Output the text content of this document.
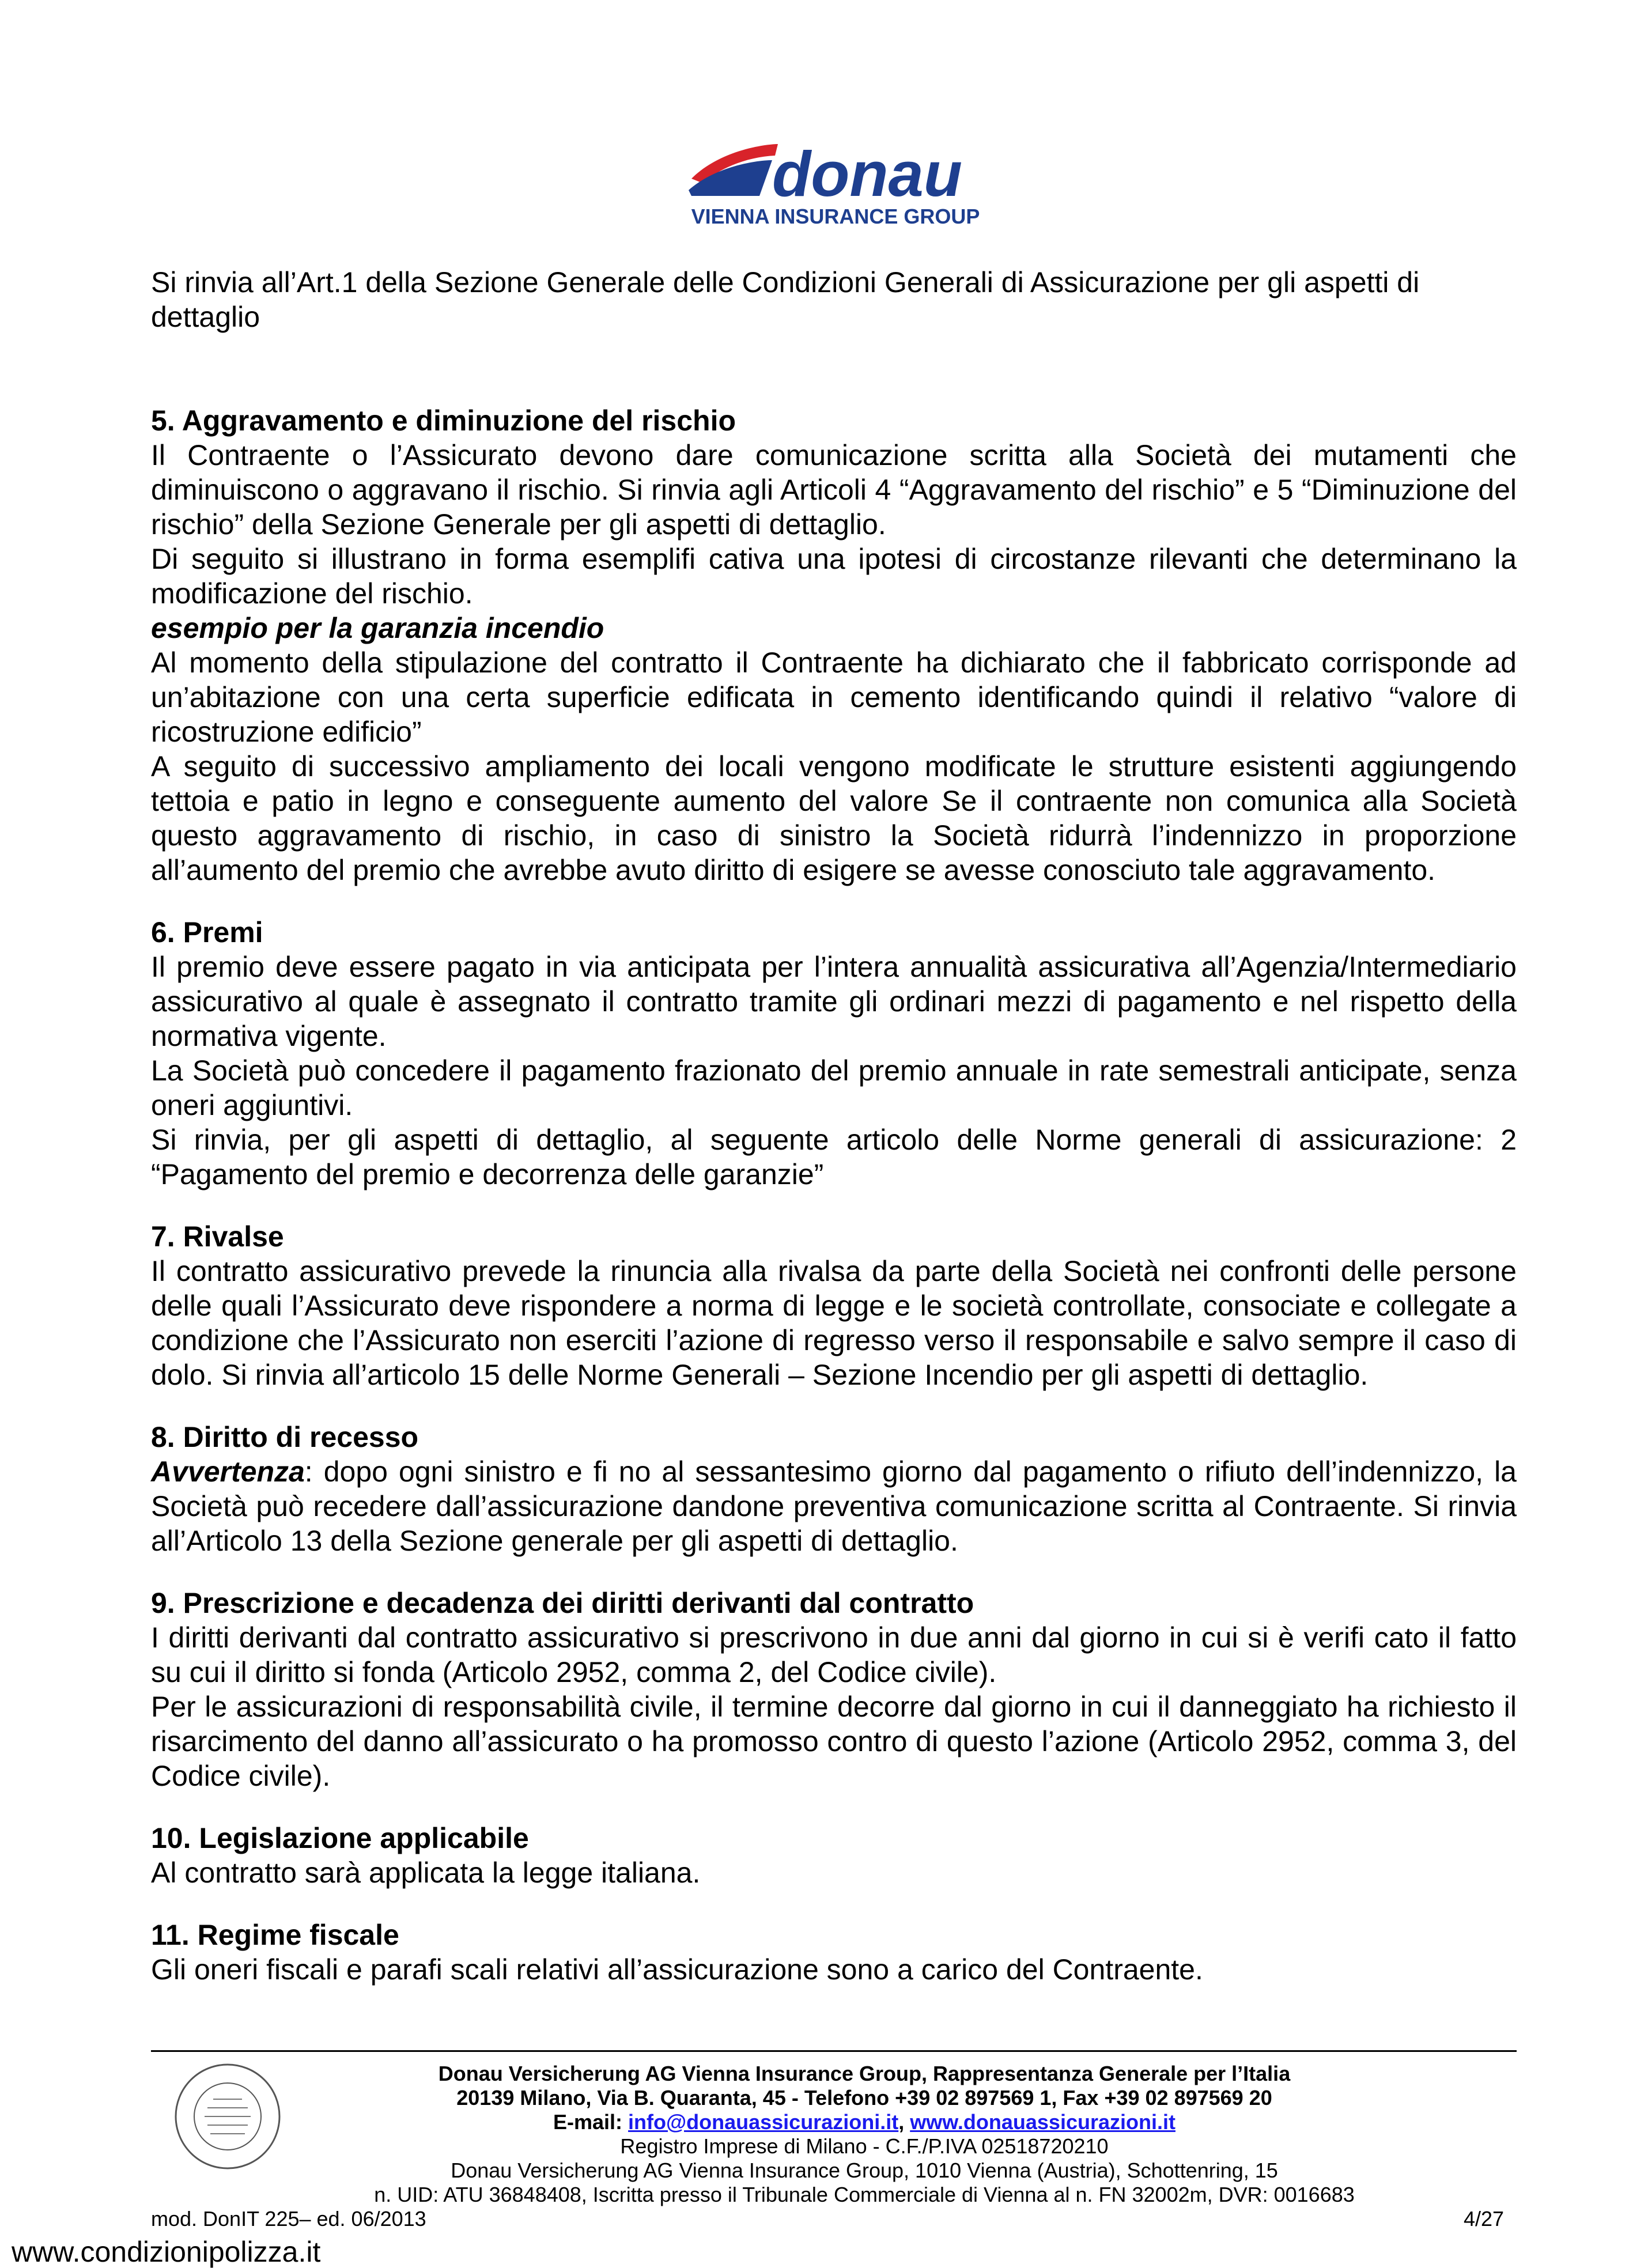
donau
VIENNA INSURANCE GROUP

Si rinvia all’Art.1 della Sezione Generale delle Condizioni Generali di Assicurazione per gli aspetti di dettaglio

5. Aggravamento e diminuzione del rischio

Il Contraente o l’Assicurato devono dare comunicazione scritta alla Società dei mutamenti che diminuiscono o aggravano il rischio. Si rinvia agli Articoli 4 “Aggravamento del rischio” e 5 “Diminuzione del rischio” della Sezione Generale per gli aspetti di dettaglio.

Di seguito si illustrano in forma esemplifi cativa una ipotesi di circostanze rilevanti che determinano la modificazione del rischio.

esempio per la garanzia incendio

Al momento della stipulazione del contratto il Contraente ha dichiarato che il fabbricato corrisponde ad un’abitazione con una certa superficie edificata in cemento identificando quindi il relativo “valore di ricostruzione edificio”

A seguito di successivo ampliamento dei locali vengono modificate le strutture esistenti aggiungendo tettoia e patio in legno e conseguente aumento del valore Se il contraente non comunica alla Società questo aggravamento di rischio, in caso di sinistro la Società ridurrà l’indennizzo in proporzione all’aumento del premio che avrebbe avuto diritto di esigere se avesse conosciuto tale aggravamento.

6. Premi

Il premio deve essere pagato in via anticipata per l’intera annualità assicurativa all’Agenzia/Intermediario assicurativo al quale è assegnato il contratto tramite gli ordinari mezzi di pagamento e nel rispetto della normativa vigente.

La Società può concedere il pagamento frazionato del premio annuale in rate semestrali anticipate, senza oneri aggiuntivi.

Si rinvia, per gli aspetti di dettaglio, al seguente articolo delle Norme generali di assicurazione: 2 “Pagamento del premio e decorrenza delle garanzie”

7. Rivalse

Il contratto assicurativo prevede la rinuncia alla rivalsa da parte della Società nei confronti delle persone delle quali l’Assicurato deve rispondere a norma di legge e le società controllate, consociate e collegate a condizione che l’Assicurato non eserciti l’azione di regresso verso il responsabile e salvo sempre il caso di dolo. Si rinvia all’articolo 15 delle Norme Generali – Sezione Incendio per gli aspetti di dettaglio.

8. Diritto di recesso

Avvertenza: dopo ogni sinistro e fi no al sessantesimo giorno dal pagamento o rifiuto dell’indennizzo, la Società può recedere dall’assicurazione dandone preventiva comunicazione scritta al Contraente. Si rinvia all’Articolo 13 della Sezione generale per gli aspetti di dettaglio.

9. Prescrizione e decadenza dei diritti derivanti dal contratto

I diritti derivanti dal contratto assicurativo si prescrivono in due anni dal giorno in cui si è verifi cato il fatto su cui il diritto si fonda (Articolo 2952, comma 2, del Codice civile).

Per le assicurazioni di responsabilità civile, il termine decorre dal giorno in cui il danneggiato ha richiesto il risarcimento del danno all’assicurato o ha promosso contro di questo l’azione (Articolo 2952, comma 3, del Codice civile).

10. Legislazione applicabile

Al contratto sarà applicata la legge italiana.

11. Regime fiscale

Gli oneri fiscali e parafi scali relativi all’assicurazione sono a carico del Contraente.

Donau Versicherung AG Vienna Insurance Group, Rappresentanza Generale per l’Italia
20139 Milano, Via B. Quaranta, 45 - Telefono +39 02 897569 1, Fax +39 02 897569 20
E-mail: info@donauassicurazioni.it, www.donauassicurazioni.it
Registro Imprese di Milano - C.F./P.IVA 02518720210
Donau Versicherung AG Vienna Insurance Group, 1010 Vienna (Austria), Schottenring, 15
n. UID: ATU 36848408, Iscritta presso il Tribunale Commerciale di Vienna al n. FN 32002m, DVR: 0016683
mod. DonIT 225– ed. 06/2013	4/27
www.condizionipolizza.it
